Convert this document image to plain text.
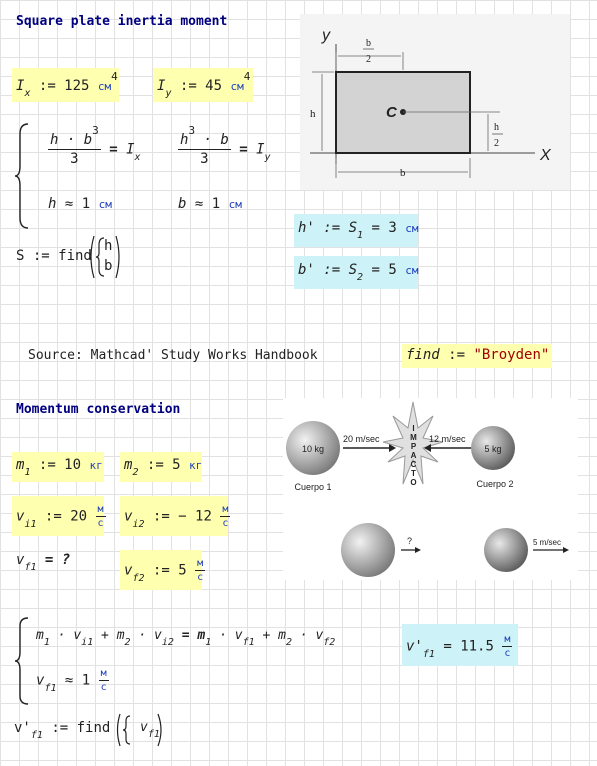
Square plate inertia moment
$I_x$ := 125 $см^4$
$I_y$ := 45 $см^4$
$\frac{h \cdot b^3}{3} = I_x$	$\frac{h^3 \cdot b}{3} = I_y$
h ≈ 1 см	b ≈ 1 см
S := find
h
b
h' := $S_1 = 3$ см
b' := $S_2 = 5$ см
y
X
C
b
2
h
h
2
b
Source: Mathcad' Study Works Handbook	find := "Broyden"
Momentum conservation
$m_1$ := 10 кг $m_2$ := 5 кг
$v_{i1}$ := $20 \frac{м}{с} v_{i2}$ := − $12 \frac{м}{с}$
$v_{f1}$ = ?
$v_{f2}$ := $5 \frac{м}{с}$
10 kg
Cuerpo 1
20 m/sec	IMPACTO 12 m/sec
5 kg
Cuerpo 2
?	5 m/sec
$m_1 \cdot v_{i1} + m_2 \cdot v_{i2} = m_1 \cdot v_{f1} + m_2 \cdot v_{f2}$
$v_{f1} \approx 1 \frac{м}{с}$
$v'_{f1}$ := find $v_{f1}$
$v'_{f1} = 11.5 \frac{м}{с}$
